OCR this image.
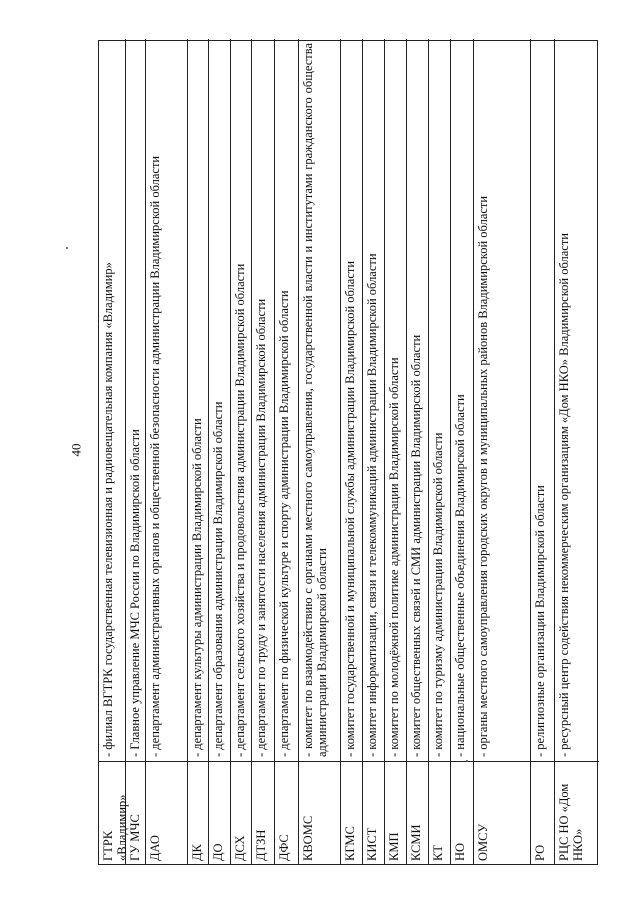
40
ГТРК «Владимир»
- филиал ВГТРК государственная телевизионная и радиовещательная компания «Владимир»
ГУ МЧС
- Главное управление МЧС России по Владимирской области
ДАО
- департамент административных органов и общественной безопасности администрации Владимирской области
ДК
- департамент культуры администрации Владимирской области
ДО
- департамент образования администрации Владимирской области
ДСХ
- департамент сельского хозяйства и продовольствия администрации Владимирской области
ДТЗН
- департамент по труду и занятости населения администрации Владимирской области
ДФС
- департамент по физической культуре и спорту администрации Владимирской области
КВОМС
- комитет по взаимодействию с органами местного самоуправления, государственной власти и институтами гражданского общества администрации Владимирской области
КГМС
- комитет государственной и муниципальной службы администрации Владимирской области
КИСТ
- комитет информатизации, связи и телекоммуникаций администрации Владимирской области
КМП
- комитет по молодёжной политике администрации Владимирской области
КСМИ
- комитет общественных связей и СМИ администрации Владимирской области
КТ
- комитет по туризму администрации Владимирской области
НО
- национальные общественные объединения Владимирской области
ОМСУ
- органы местного самоуправления городских округов и муниципальных районов Владимирской области
РО
- религиозные организации Владимирской области
РЦС НО «Дом НКО»
- ресурсный центр содействия некоммерческим организациям «Дом НКО» Владимирской области
